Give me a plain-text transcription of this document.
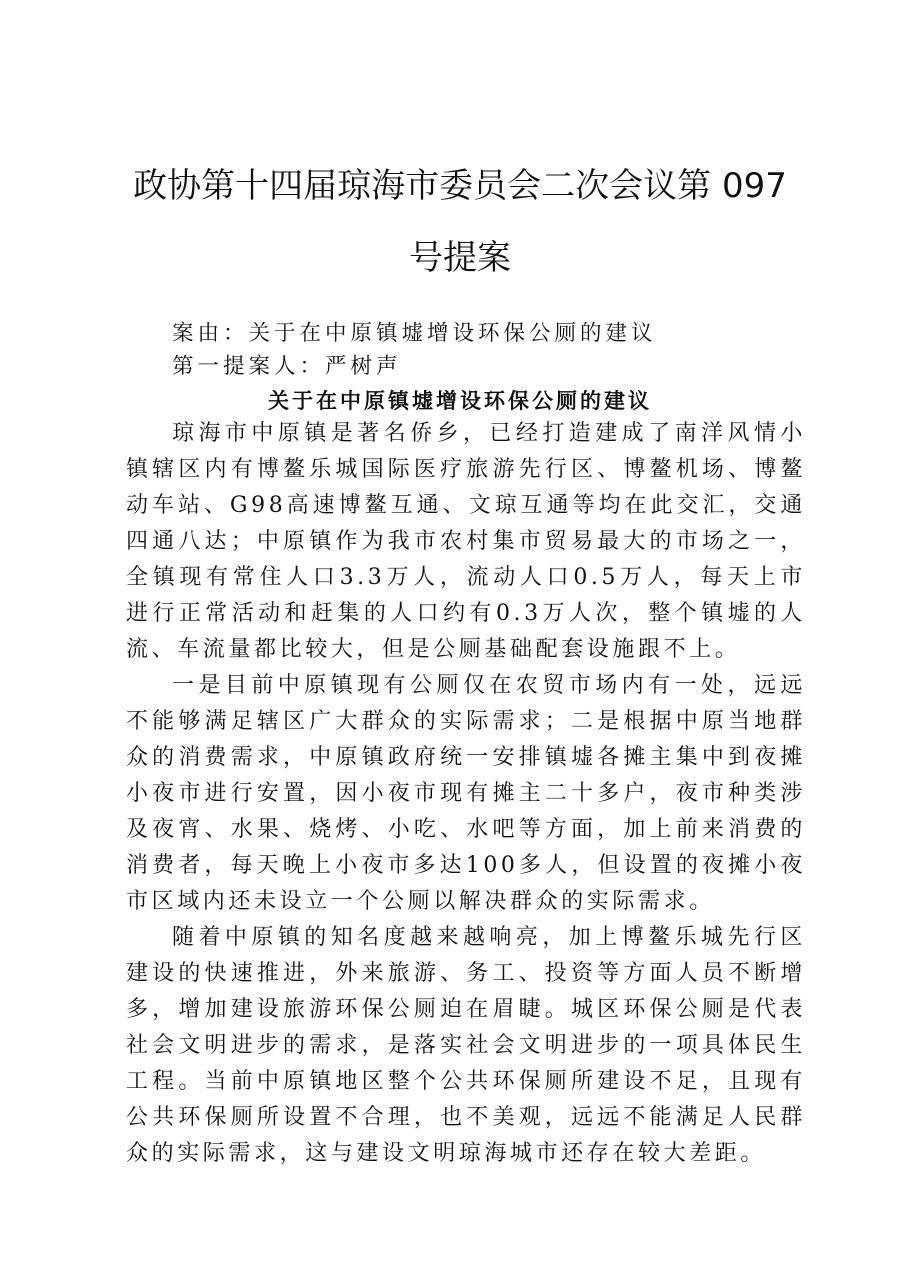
政协第十四届琼海市委员会二次会议第 097
号提案
案由：关于在中原镇墟增设环保公厕的建议
第一提案人：严树声
关于在中原镇墟增设环保公厕的建议

琼海市中原镇是著名侨乡，已经打造建成了南洋风情小镇辖区内有博鳌乐城国际医疗旅游先行区、博鳌机场、博鳌动车站、G98高速博鳌互通、文琼互通等均在此交汇，交通四通八达；中原镇作为我市农村集市贸易最大的市场之一，全镇现有常住人口3.3万人，流动人口0.5万人，每天上市进行正常活动和赶集的人口约有0.3万人次，整个镇墟的人流、车流量都比较大，但是公厕基础配套设施跟不上。

一是目前中原镇现有公厕仅在农贸市场内有一处，远远不能够满足辖区广大群众的实际需求；二是根据中原当地群众的消费需求，中原镇政府统一安排镇墟各摊主集中到夜摊小夜市进行安置，因小夜市现有摊主二十多户，夜市种类涉及夜宵、水果、烧烤、小吃、水吧等方面，加上前来消费的消费者，每天晚上小夜市多达100多人，但设置的夜摊小夜市区域内还未设立一个公厕以解决群众的实际需求。

随着中原镇的知名度越来越响亮，加上博鳌乐城先行区建设的快速推进，外来旅游、务工、投资等方面人员不断增多，增加建设旅游环保公厕迫在眉睫。城区环保公厕是代表社会文明进步的需求，是落实社会文明进步的一项具体民生工程。当前中原镇地区整个公共环保厕所建设不足，且现有公共环保厕所设置不合理，也不美观，远远不能满足人民群众的实际需求，这与建设文明琼海城市还存在较大差距。
